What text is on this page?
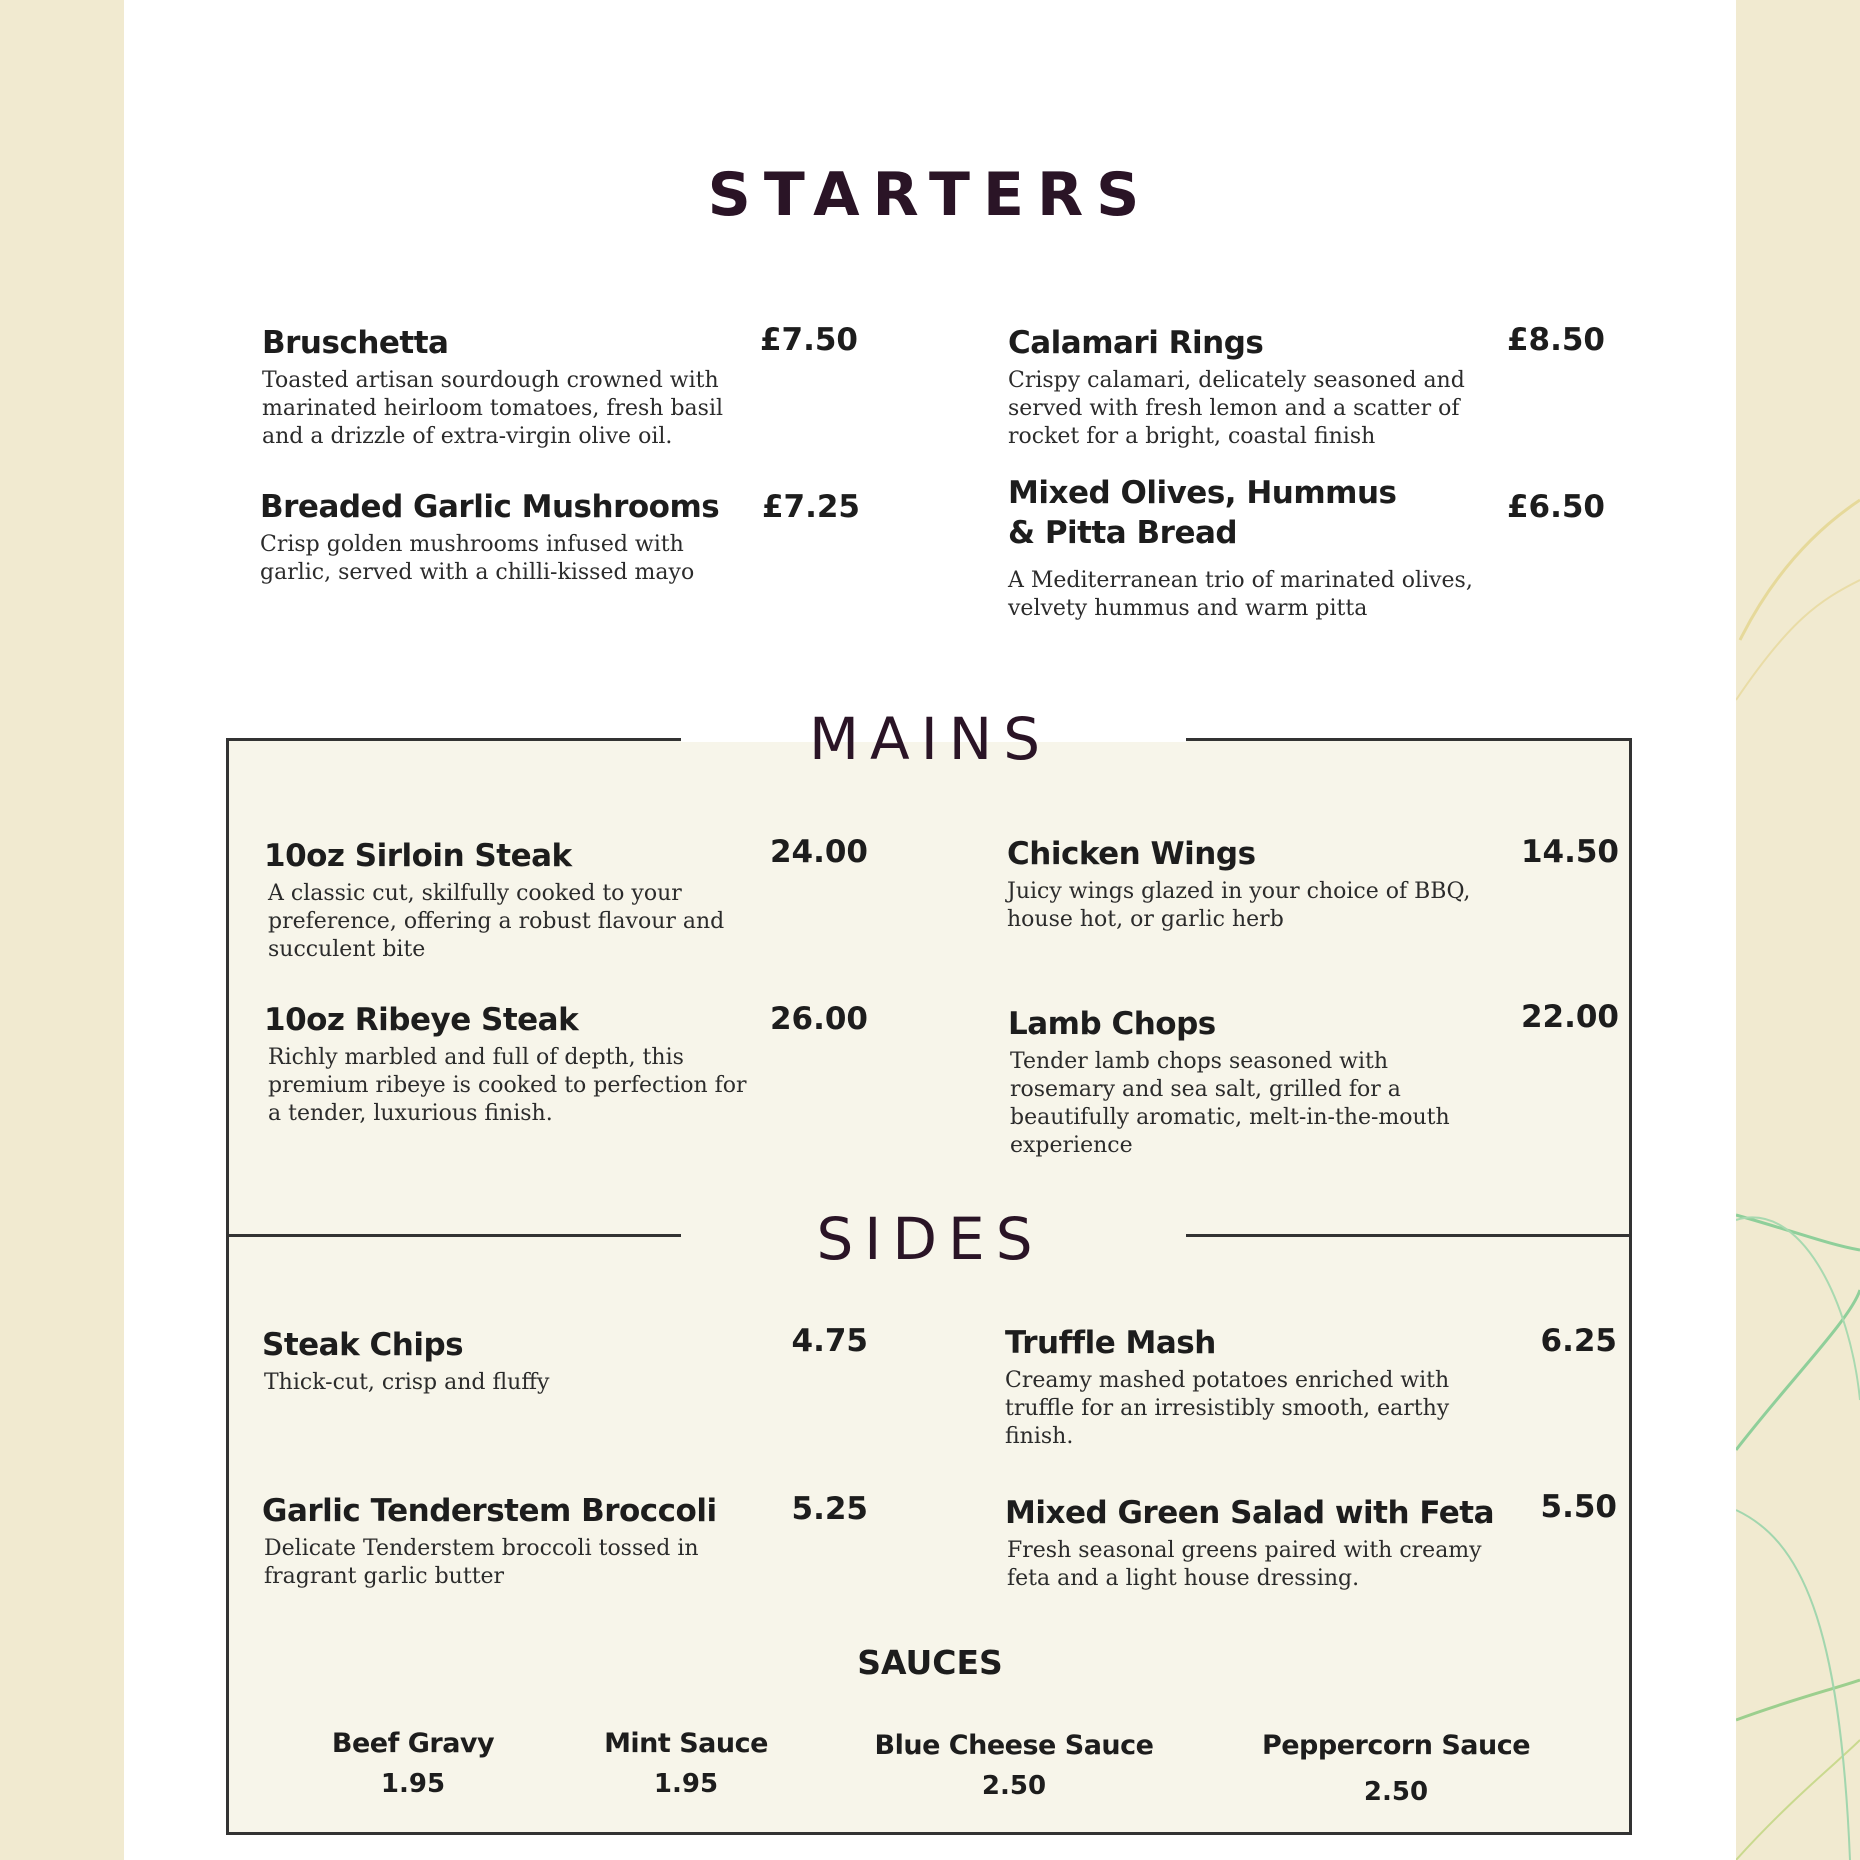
STARTERS

Bruschetta

Toasted artisan sourdough crowned with marinated heirloom tomatoes, fresh basil and a drizzle of extra-virgin olive oil.

£7.50	Calamari Rings

Crispy calamari, delicately seasoned and served with fresh lemon and a scatter of rocket for a bright, coastal finish

£8.50

Breaded Garlic Mushrooms

Crisp golden mushrooms infused with garlic, served with a chilli-kissed mayo

£7.25	Mixed Olives, Hummus & Pitta Bread

A Mediterranean trio of marinated olives, velvety hummus and warm pitta

£6.50
MAINS

10oz Sirloin Steak

A classic cut, skilfully cooked to your preference, offering a robust flavour and succulent bite

24.00	Chicken Wings

Juicy wings glazed in your choice of BBQ, house hot, or garlic herb

14.50

10oz Ribeye Steak

Richly marbled and full of depth, this premium ribeye is cooked to perfection for a tender, luxurious finish.

26.00	Lamb Chops

Tender lamb chops seasoned with rosemary and sea salt, grilled for a beautifully aromatic, melt-in-the-mouth experience

22.00
SIDES

Steak Chips

Thick-cut, crisp and fluffy

4.75	Truffle Mash

Creamy mashed potatoes enriched with truffle for an irresistibly smooth, earthy finish.

6.25

Garlic Tenderstem Broccoli

Delicate Tenderstem broccoli tossed in fragrant garlic butter

5.25	Mixed Green Salad with Feta

Fresh seasonal greens paired with creamy feta and a light house dressing.

5.50
SAUCES
Beef Gravy
1.95
Mint Sauce
1.95
Blue Cheese Sauce
2.50
Peppercorn Sauce
2.50
